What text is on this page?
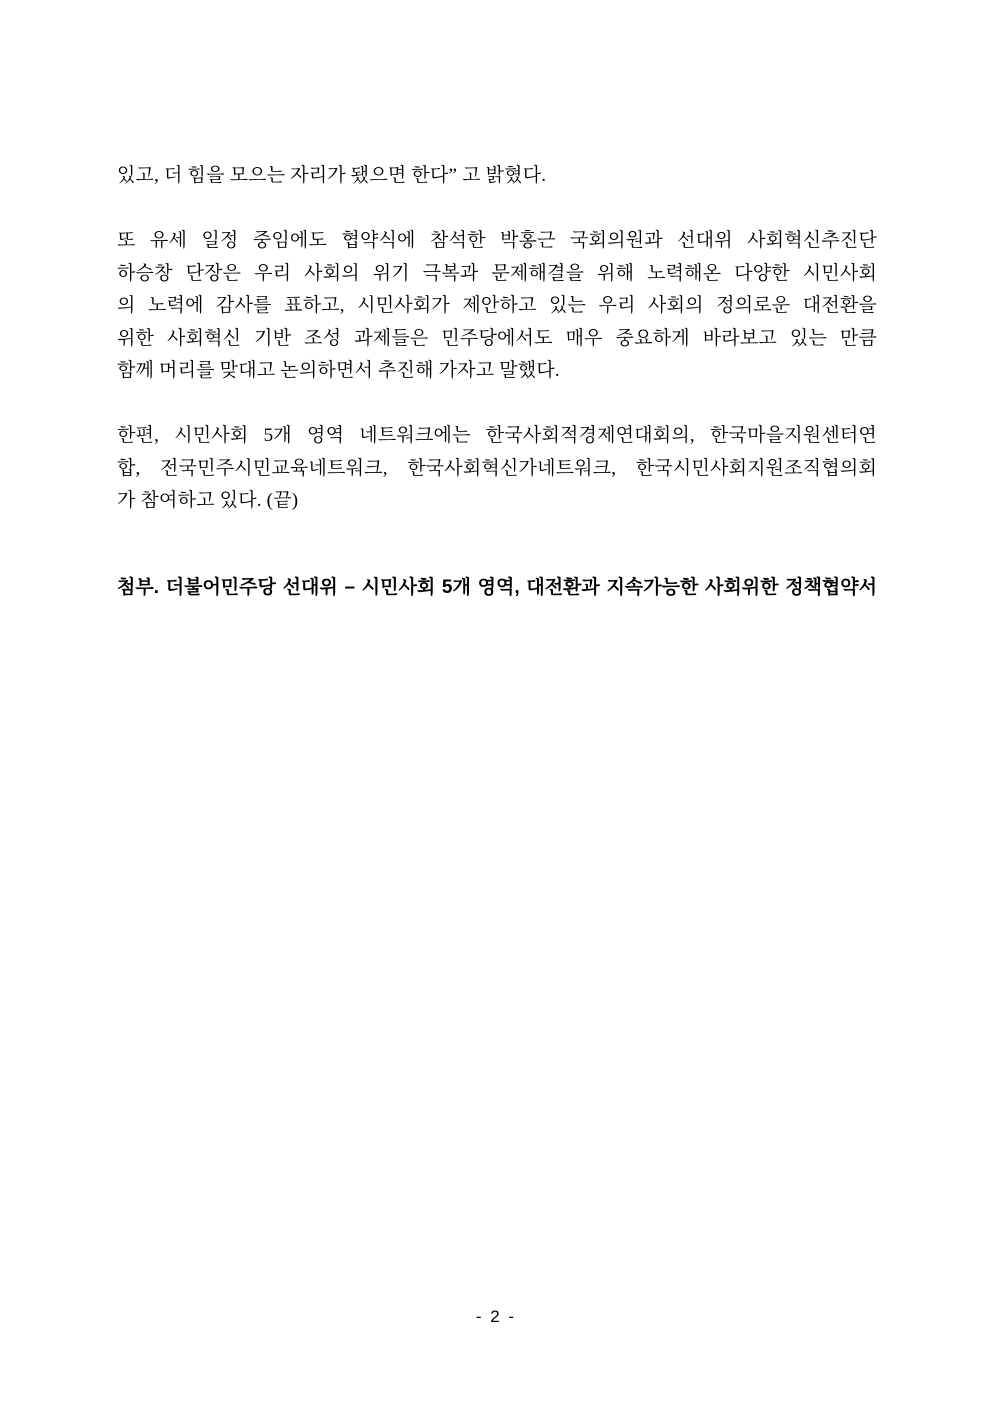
있고, 더 힘을 모으는 자리가 됐으면 한다” 고 밝혔다.

또 유세 일정 중임에도 협약식에 참석한 박홍근 국회의원과 선대위 사회혁신추진단
하승창 단장은 우리 사회의 위기 극복과 문제해결을 위해 노력해온 다양한 시민사회
의 노력에 감사를 표하고, 시민사회가 제안하고 있는 우리 사회의 정의로운 대전환을
위한 사회혁신 기반 조성 과제들은 민주당에서도 매우 중요하게 바라보고 있는 만큼
함께 머리를 맞대고 논의하면서 추진해 가자고 말했다.

한편, 시민사회 5개 영역 네트워크에는 한국사회적경제연대회의, 한국마을지원센터연
합, 전국민주시민교육네트워크, 한국사회혁신가네트워크, 한국시민사회지원조직협의회
가 참여하고 있다. (끝)

첨부. 더불어민주당 선대위 – 시민사회 5개 영역, 대전환과 지속가능한 사회위한 정책협약서
- 2 -
